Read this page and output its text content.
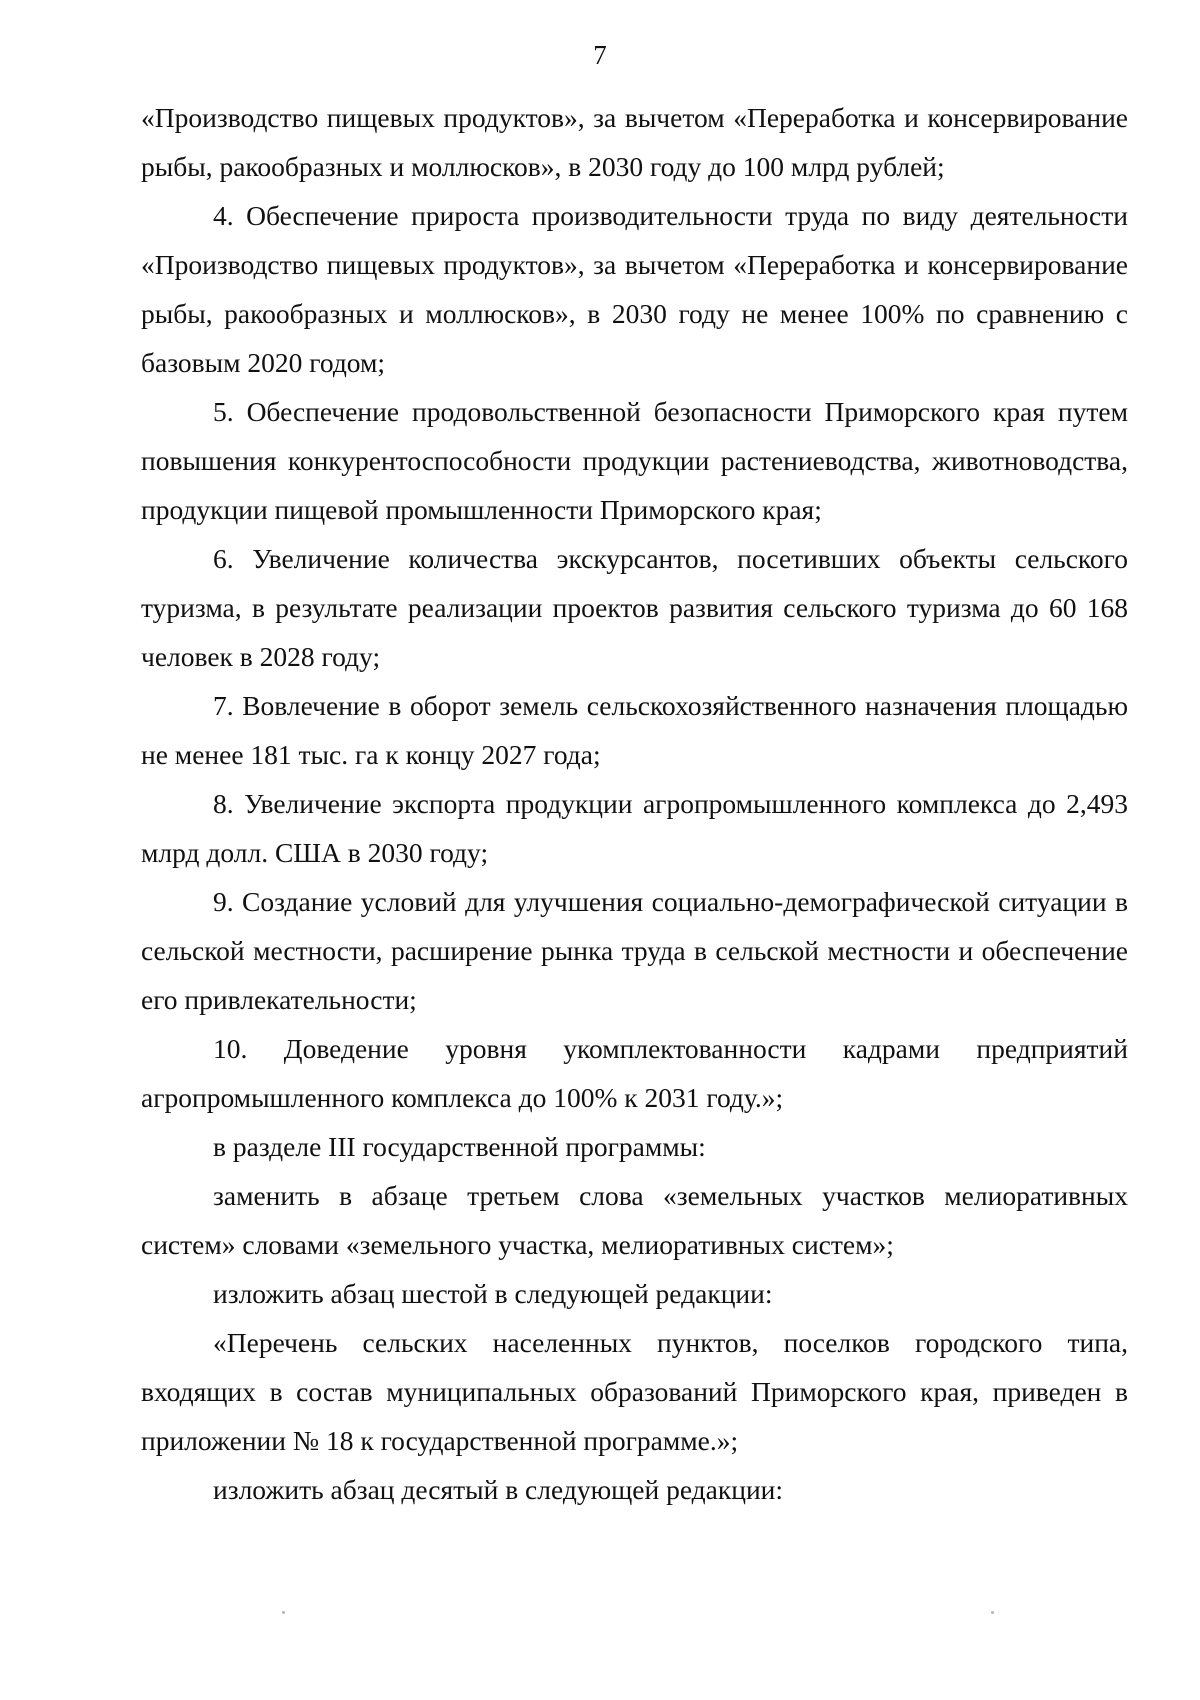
7

«Производство пищевых продуктов», за вычетом «Переработка и консервирование рыбы, ракообразных и моллюсков», в 2030 году до 100 млрд рублей;

4. Обеспечение прироста производительности труда по виду деятельности «Производство пищевых продуктов», за вычетом «Переработка и консервирование рыбы, ракообразных и моллюсков», в 2030 году не менее 100% по сравнению с базовым 2020 годом;

5. Обеспечение продовольственной безопасности Приморского края путем повышения конкурентоспособности продукции растениеводства, животноводства, продукции пищевой промышленности Приморского края;

6. Увеличение количества экскурсантов, посетивших объекты сельского туризма, в результате реализации проектов развития сельского туризма до 60 168 человек в 2028 году;

7. Вовлечение в оборот земель сельскохозяйственного назначения площадью не менее 181 тыс. га к концу 2027 года;

8. Увеличение экспорта продукции агропромышленного комплекса до 2,493 млрд долл. США в 2030 году;

9. Создание условий для улучшения социально-демографической ситуации в сельской местности, расширение рынка труда в сельской местности и обеспечение его привлекательности;

10. Доведение уровня укомплектованности кадрами предприятий агропромышленного комплекса до 100% к 2031 году.»;

в разделе III государственной программы:

заменить в абзаце третьем слова «земельных участков мелиоративных систем» словами «земельного участка, мелиоративных систем»;

изложить абзац шестой в следующей редакции:

«Перечень сельских населенных пунктов, поселков городского типа, входящих в состав муниципальных образований Приморского края, приведен в приложении № 18 к государственной программе.»;

изложить абзац десятый в следующей редакции:
